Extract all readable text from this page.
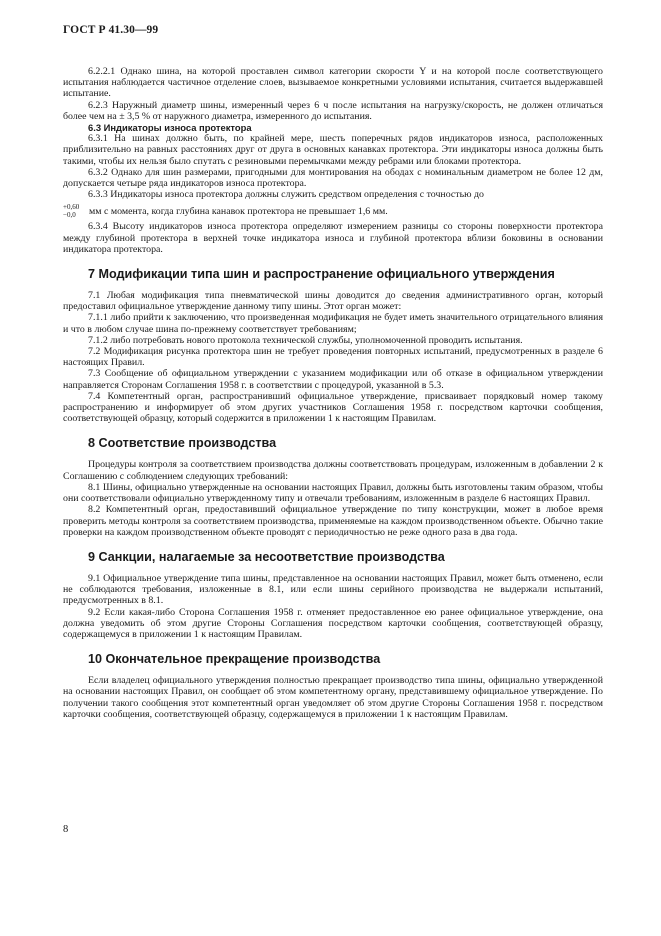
ГОСТ Р 41.30—99

6.2.2.1 Однако шина, на которой проставлен символ категории скорости Y и на которой после соответствующего испытания наблюдается частичное отделение слоев, вызываемое конкретными условиями испытания, считается выдержавшей испытание.

6.2.3 Наружный диаметр шины, измеренный через 6 ч после испытания на нагрузку/скорость, не должен отличаться более чем на ± 3,5 % от наружного диаметра, измеренного до испытания.

6.3 Индикаторы износа протектора

6.3.1 На шинах должно быть, по крайней мере, шесть поперечных рядов индикаторов износа, расположенных приблизительно на равных расстояниях друг от друга в основных канавках протектора. Эти индикаторы износа должны быть такими, чтобы их нельзя было спутать с резиновыми перемычками между ребрами или блоками протектора.

6.3.2 Однако для шин размерами, пригодными для монтирования на ободах с номинальным диаметром не более 12 дм, допускается четыре ряда индикаторов износа протектора.

6.3.3 Индикаторы износа протектора должны служить средством определения с точностью до

+0,60
−0,0	мм с момента, когда глубина канавок протектора не превышает 1,6 мм.

6.3.4 Высоту индикаторов износа протектора определяют измерением разницы со стороны поверхности протектора между глубиной протектора в верхней точке индикатора износа и глубиной протектора вблизи боковины в основании индикатора протектора.

7 Модификации типа шин и распространение официального утверждения

7.1 Любая модификация типа пневматической шины доводится до сведения административного орган, который предоставил официальное утверждение данному типу шины. Этот орган может:

7.1.1 либо прийти к заключению, что произведенная модификация не будет иметь значительного отрицательного влияния и что в любом случае шина по-прежнему соответствует требованиям;

7.1.2 либо потребовать нового протокола технической службы, уполномоченной проводить испытания.

7.2 Модификация рисунка протектора шин не требует проведения повторных испытаний, предусмотренных в разделе 6 настоящих Правил.

7.3 Сообщение об официальном утверждении с указанием модификации или об отказе в официальном утверждении направляется Сторонам Соглашения 1958 г. в соответствии с процедурой, указанной в 5.3.

7.4 Компетентный орган, распространивший официальное утверждение, присваивает порядковый номер такому распространению и информирует об этом других участников Соглашения 1958 г. посредством карточки сообщения, соответствующей образцу, который содержится в приложении 1 к настоящим Правилам.

8 Соответствие производства

Процедуры контроля за соответствием производства должны соответствовать процедурам, изложенным в добавлении 2 к Соглашению с соблюдением следующих требований:

8.1 Шины, официально утвержденные на основании настоящих Правил, должны быть изготовлены таким образом, чтобы они соответствовали официально утвержденному типу и отвечали требованиям, изложенным в разделе 6 настоящих Правил.

8.2 Компетентный орган, предоставивший официальное утверждение по типу конструкции, может в любое время проверить методы контроля за соответствием производства, применяемые на каждом производственном объекте. Обычно такие проверки на каждом производственном объекте проводят с периодичностью не реже одного раза в два года.

9 Санкции, налагаемые за несоответствие производства

9.1 Официальное утверждение типа шины, представленное на основании настоящих Правил, может быть отменено, если не соблюдаются требования, изложенные в 8.1, или если шины серийного производства не выдержали испытаний, предусмотренных в 8.1.

9.2 Если какая-либо Сторона Соглашения 1958 г. отменяет предоставленное ею ранее официальное утверждение, она должна уведомить об этом другие Стороны Соглашения посредством карточки сообщения, соответствующей образцу, содержащемуся в приложении 1 к настоящим Правилам.

10 Окончательное прекращение производства

Если владелец официального утверждения полностью прекращает производство типа шины, официально утвержденной на основании настоящих Правил, он сообщает об этом компетентному органу, представившему официальное утверждение. По получении такого сообщения этот компетентный орган уведомляет об этом другие Стороны Соглашения 1958 г. посредством карточки сообщения, соответствующей образцу, содержащемуся в приложении 1 к настоящим Правилам.

8
